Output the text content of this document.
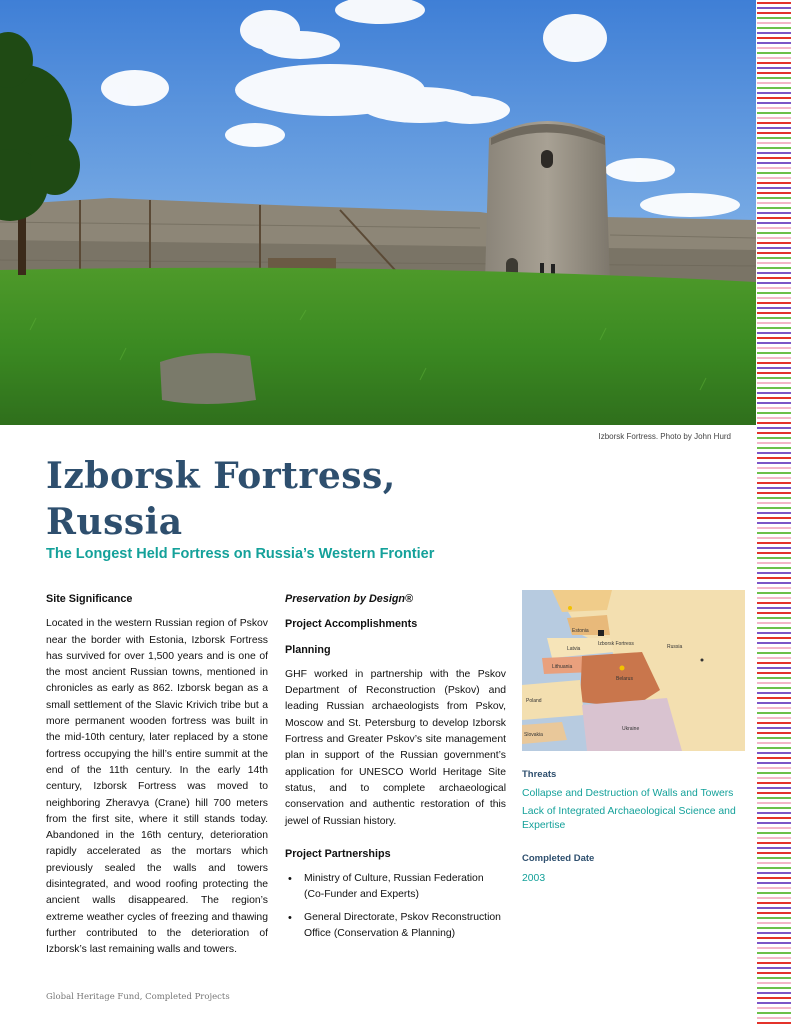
Izborsk Fortress. Photo by John Hurd
Izborsk Fortress,
Russia
The Longest Held Fortress on Russia’s Western Frontier
Site Significance

Located in the western Russian region of Pskov near the border with Estonia, Izborsk Fortress has survived for over 1,500 years and is one of the most ancient Russian towns, mentioned in chronicles as early as 862. Izborsk began as a small settlement of the Slavic Krivich tribe but a more permanent wooden fortress was built in the mid-10th century, later replaced by a stone fortress occupying the hill’s entire summit at the end of the 11th century. In the early 14th century, Izborsk Fortress was moved to neighboring Zheravya (Crane) hill 700 meters from the first site, where it still stands today. Abandoned in the 16th century, deterioration rapidly accelerated as the mortars which previously sealed the walls and towers disintegrated, and wood roofing protecting the ancient walls disappeared. The region’s extreme weather cycles of freezing and thawing further contributed to the deterioration of Izborsk’s last remaining walls and towers.

Preservation by Design®
Project Accomplishments
Planning

GHF worked in partnership with the Pskov Department of Reconstruction (Pskov) and leading Russian archaeologists from Pskov, Moscow and St. Petersburg to develop Izborsk Fortress and Greater Pskov’s site management plan in support of the Russian government’s application for UNESCO World Heritage Site status, and to complete archaeological conservation and authentic restoration of this jewel of Russian history.

Project Partnerships
• Ministry of Culture, Russian Federation (Co-Funder and Experts)
• General Directorate, Pskov Reconstruction Office (Conservation & Planning)
Estonia
Izborsk Fortress	Russia
Latvia
Lithuania
Belarus
Poland
Ukraine
Slovakia
Threats
Collapse and Destruction of Walls and Towers
Lack of Integrated Archaeological Science and Expertise
Completed Date
2003
Global Heritage Fund, Completed Projects
